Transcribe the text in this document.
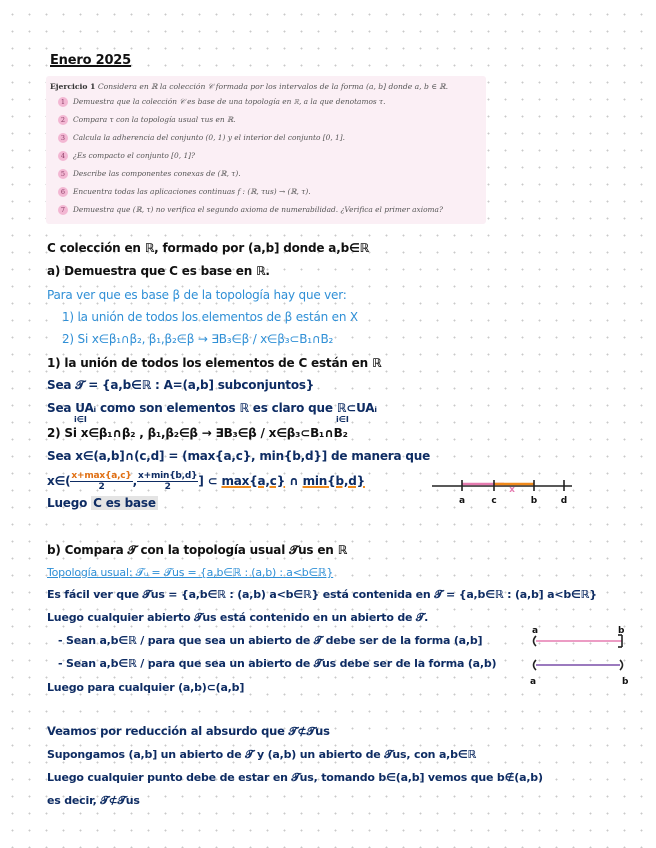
Enero 2025
Ejercicio 1 Considera en ℝ la colección 𝒞 formada por los intervalos de la forma (a, b] donde a, b ∈ ℝ.
1 Demuestra que la colección 𝒞 es base de una topología en ℝ, a la que denotamos τ.
2 Compara τ con la topología usual τus en ℝ.
3 Calcula la adherencia del conjunto (0, 1) y el interior del conjunto [0, 1].
4 ¿Es compacto el conjunto [0, 1]?
5 Describe las componentes conexas de (ℝ, τ).
6 Encuentra todas las aplicaciones continuas f : (ℝ, τus) → (ℝ, τ).
7 Demuestra que (ℝ, τ) no verifica el segundo axioma de numerabilidad. ¿Verifica el primer axioma?
C colección en ℝ, formado por (a,b] donde a,b∈ℝ
a) Demuestra que C es base en ℝ.
Para ver que es base β de la topología hay que ver:
1) la unión de todos los elementos de β están en X
2) Si x∈β₁∩β₂, β₁,β₂∈β → ∃B₃∈β / x∈β₃⊂B₁∩B₂
1) la unión de todos los elementos de C están en ℝ
Sea 𝓣 = {a,b∈ℝ : A=(a,b] subconjuntos}
Sea UAᵢ como son elementos ℝ es claro que ℝ⊂UAᵢ
i∈I	i∈I
2) Si x∈β₁∩β₂ , β₁,β₂∈β → ∃B₃∈β / x∈β₃⊂B₁∩B₂
Sea x∈(a,b]∩(c,d] = (max{a,c}, min{b,d}] de manera que
x∈( $\frac{x+\max\{a,c\}}{2}$ , $\frac{x+\min\{b,d\}}{2}$ ] ⊂ max{a,c} ∩ min{b,d}
Luego C es base	a	c
x
b	d
b) Compara 𝓣 con la topología usual 𝓣us en ℝ
Topología usual: 𝓣ᵤ = 𝓣us = {a,b∈ℝ : (a,b) : a<b∈ℝ}
Es fácil ver que 𝓣us = {a,b∈ℝ : (a,b) a<b∈ℝ} está contenida en 𝓣 = {a,b∈ℝ : (a,b] a<b∈ℝ}
Luego cualquier abierto 𝓣us está contenido en un abierto de 𝓣.
- Sean a,b∈ℝ / para que sea un abierto de 𝓣 debe ser de la forma (a,b]
- Sean a,b∈ℝ / para que sea un abierto de 𝓣us debe ser de la forma (a,b)
Luego para cualquier (a,b)⊂(a,b]
a	b
a	b
Veamos por reducción al absurdo que 𝓣⊄𝓣us
Supongamos (a,b] un abierto de 𝓣 y (a,b) un abierto de 𝓣us, con a,b∈ℝ
Luego cualquier punto debe de estar en 𝓣us, tomando b∈(a,b] vemos que b∉(a,b)
es decir, 𝓣⊄𝓣us
